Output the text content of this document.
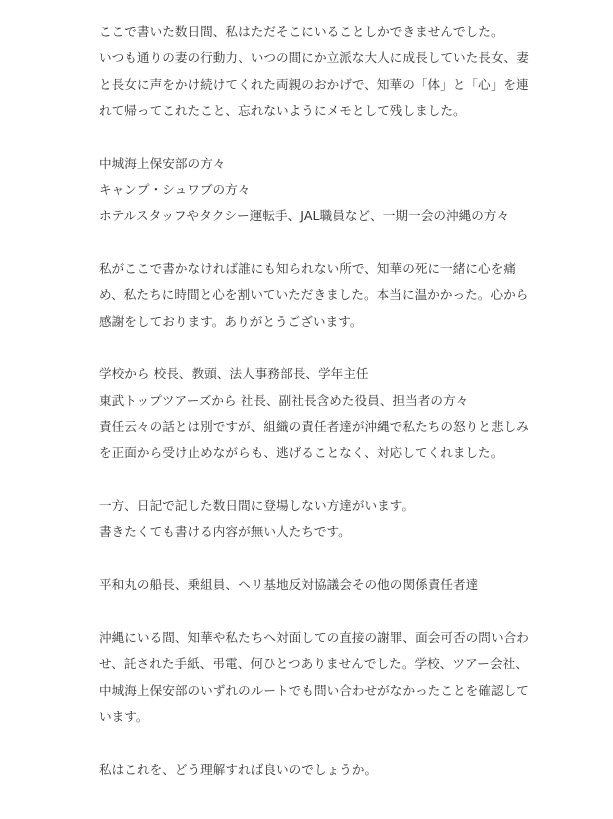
ここで書いた数日間、私はただそこにいることしかできませんでした。
いつも通りの妻の行動力、いつの間にか立派な大人に成長していた長女、妻
と長女に声をかけ続けてくれた両親のおかげで、知華の「体」と「心」を連
れて帰ってこれたこと、忘れないようにメモとして残しました。
中城海上保安部の方々
キャンプ・シュワブの方々
ホテルスタッフやタクシー運転手、JAL職員など、一期一会の沖縄の方々
私がここで書かなければ誰にも知られない所で、知華の死に一緒に心を痛
め、私たちに時間と心を割いていただきました。本当に温かかった。心から
感謝をしております。ありがとうございます。
学校から 校長、教頭、法人事務部長、学年主任
東武トップツアーズから 社長、副社長含めた役員、担当者の方々
責任云々の話とは別ですが、組織の責任者達が沖縄で私たちの怒りと悲しみ
を正面から受け止めながらも、逃げることなく、対応してくれました。
一方、日記で記した数日間に登場しない方達がいます。
書きたくても書ける内容が無い人たちです。
平和丸の船長、乗組員、ヘリ基地反対協議会その他の関係責任者達
沖縄にいる間、知華や私たちへ対面しての直接の謝罪、面会可否の問い合わ
せ、託された手紙、弔電、何ひとつありませんでした。学校、ツアー会社、
中城海上保安部のいずれのルートでも問い合わせがなかったことを確認して
います。
私はこれを、どう理解すれば良いのでしょうか。
